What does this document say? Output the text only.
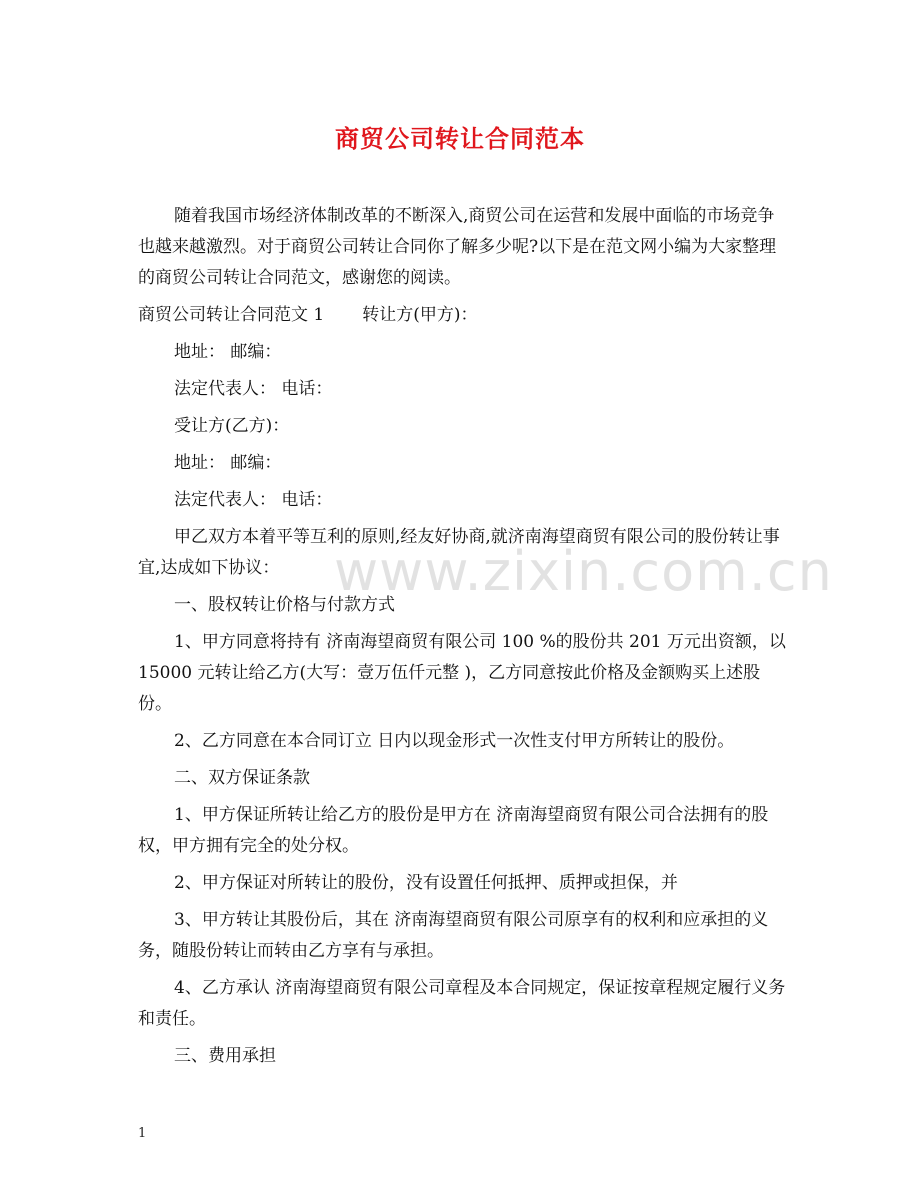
商贸公司转让合同范本

随着我国市场经济体制改革的不断深入,商贸公司在运营和发展中面临的市场竞争也越来越激烈。对于商贸公司转让合同你了解多少呢?以下是在范文网小编为大家整理的商贸公司转让合同范文，感谢您的阅读。

商贸公司转让合同范文 1 转让方(甲方)：

地址： 邮编：

法定代表人： 电话：

受让方(乙方)：

地址： 邮编：

法定代表人： 电话：

甲乙双方本着平等互利的原则,经友好协商,就济南海望商贸有限公司的股份转让事宜,达成如下协议：

一、股权转让价格与付款方式

1、甲方同意将持有 济南海望商贸有限公司 100 %的股份共 201 万元出资额，以 15000 元转让给乙方(大写：壹万伍仟元整 )，乙方同意按此价格及金额购买上述股份。

2、乙方同意在本合同订立 日内以现金形式一次性支付甲方所转让的股份。

二、双方保证条款

1、甲方保证所转让给乙方的股份是甲方在 济南海望商贸有限公司合法拥有的股权，甲方拥有完全的处分权。

2、甲方保证对所转让的股份，没有设置任何抵押、质押或担保，并

3、甲方转让其股份后，其在 济南海望商贸有限公司原享有的权利和应承担的义务，随股份转让而转由乙方享有与承担。

4、乙方承认 济南海望商贸有限公司章程及本合同规定，保证按章程规定履行义务和责任。

三、费用承担

www.zixin.com.cn
1
